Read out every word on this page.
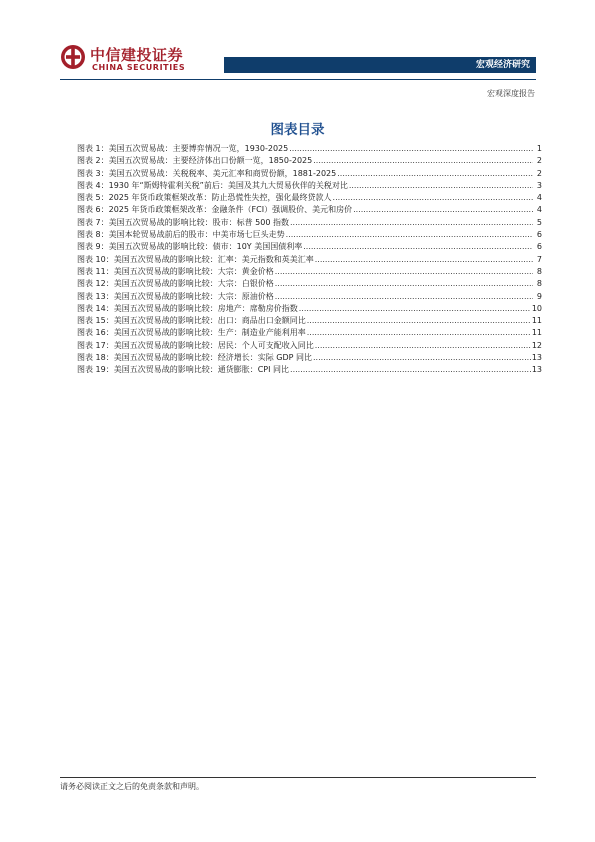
中信建投证券
CHINA SECURITIES	宏观经济研究
宏观深度报告
图表目录
图表 1：美国五次贸易战：主要博弈情况一览，1930-2025 .....	1
图表 2：美国五次贸易战：主要经济体出口份额一览，1850-2025 .....	2
图表 3：美国五次贸易战：关税税率、美元汇率和商贸份额，1881-2025 .....	2
图表 4：1930 年“斯姆特霍利关税”前后：美国及其九大贸易伙伴的关税对比 .....	3
图表 5：2025 年货币政策框架改革：防止恐慌性失控，强化最终贷款人 .....	4
图表 6：2025 年货币政策框架改革：金融条件（FCI）强调股价、美元和房价 .....	4
图表 7：美国五次贸易战的影响比较：股市：标普 500 指数 .....	5
图表 8：美国本轮贸易战前后的股市：中美市场七巨头走势 .....	6
图表 9：美国五次贸易战的影响比较：债市：10Y 美国国债利率 .....	6
图表 10：美国五次贸易战的影响比较：汇率：美元指数和英美汇率 .....	7
图表 11：美国五次贸易战的影响比较：大宗：黄金价格 .....	8
图表 12：美国五次贸易战的影响比较：大宗：白银价格 .....	8
图表 13：美国五次贸易战的影响比较：大宗：原油价格 .....	9
图表 14：美国五次贸易战的影响比较：房地产：席勒房价指数 .....	10
图表 15：美国五次贸易战的影响比较：出口：商品出口金额同比 .....	11
图表 16：美国五次贸易战的影响比较：生产：制造业产能利用率 .....	11
图表 17：美国五次贸易战的影响比较：居民：个人可支配收入同比 .....	12
图表 18：美国五次贸易战的影响比较：经济增长：实际 GDP 同比 .....	13
图表 19：美国五次贸易战的影响比较：通货膨胀：CPI 同比 .....	13
请务必阅读正文之后的免责条款和声明。
